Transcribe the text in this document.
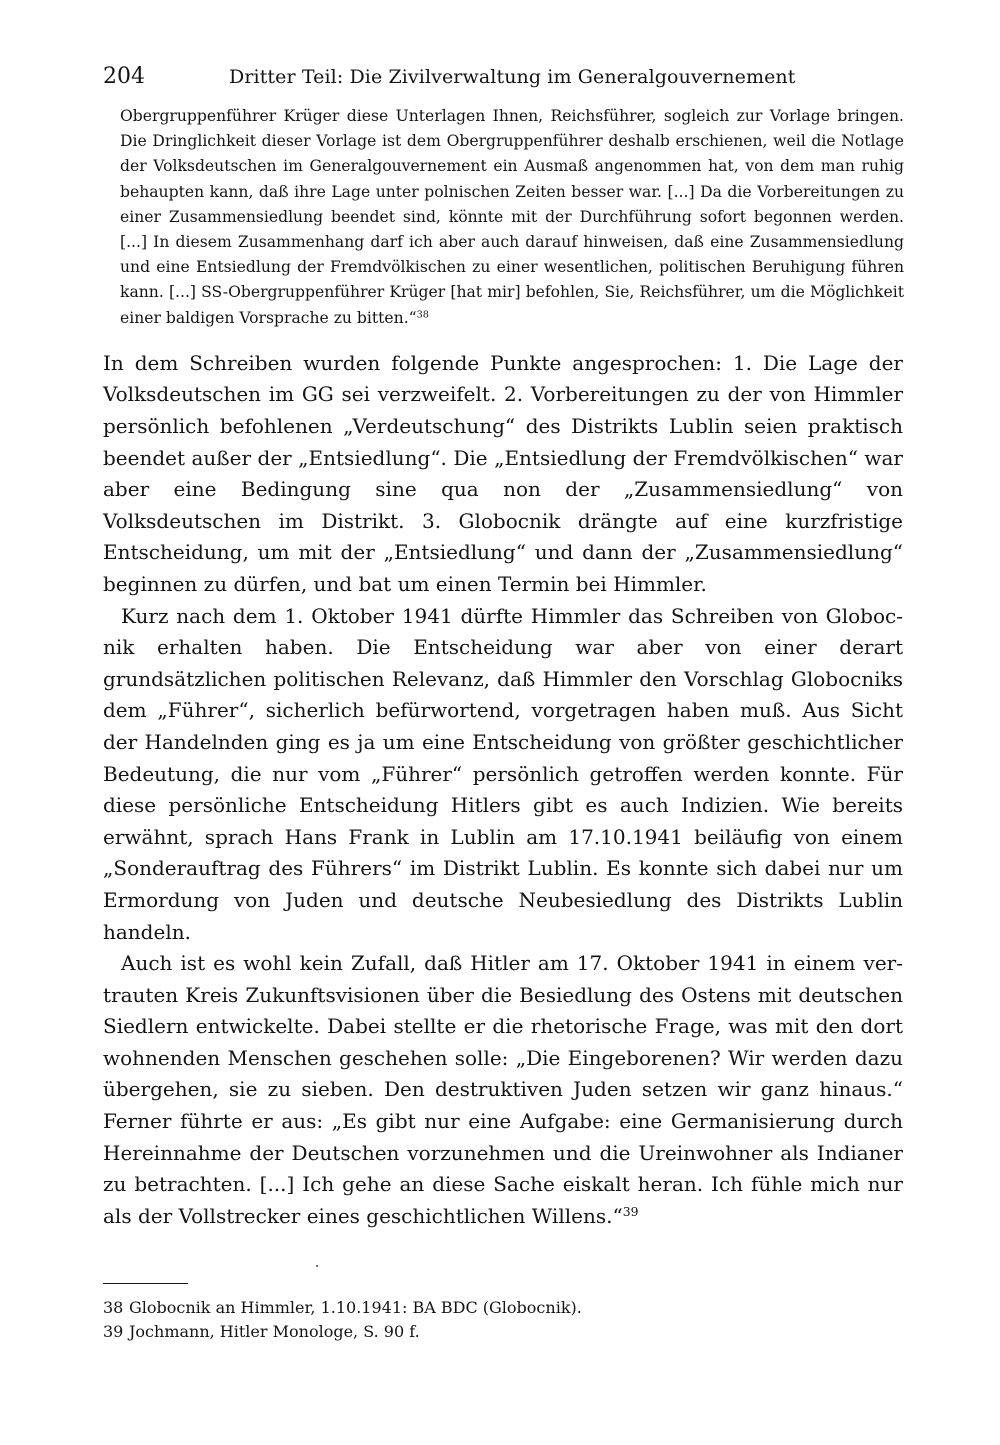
204	Dritter Teil: Die Zivilverwaltung im Generalgouvernement

Obergruppenführer Krüger diese Unterlagen Ihnen, Reichsführer, sogleich zur Vorlage bringen. Die Dringlichkeit dieser Vorlage ist dem Obergruppenführer deshalb erschienen, weil die Notlage der Volksdeutschen im Generalgouvernement ein Ausmaß angenommen hat, von dem man ruhig behaupten kann, daß ihre Lage unter polnischen Zeiten besser war. [...] Da die Vorbereitungen zu einer Zusammensiedlung beendet sind, könnte mit der Durchführung sofort begonnen werden. [...] In diesem Zusammenhang darf ich aber auch darauf hinweisen, daß eine Zusammensiedlung und eine Entsiedlung der Fremdvölkischen zu einer wesentlichen, politischen Beruhigung führen kann. [...] SS-Obergruppenführer Krüger [hat mir] befohlen, Sie, Reichsführer, um die Möglichkeit einer baldigen Vorsprache zu bitten.“$^{38}$

In dem Schreiben wurden folgende Punkte angesprochen: 1. Die Lage der Volksdeutschen im GG sei verzweifelt. 2. Vorbereitungen zu der von Himmler persönlich befohlenen „Verdeutschung“ des Distrikts Lublin seien praktisch beendet außer der „Entsiedlung“. Die „Entsiedlung der Fremdvölkischen“ war aber eine Bedingung sine qua non der „Zusammensiedlung“ von Volksdeutschen im Distrikt. 3. Globocnik drängte auf eine kurzfristige Entscheidung, um mit der „Entsiedlung“ und dann der „Zusammensiedlung“ beginnen zu dürfen, und bat um einen Termin bei Himmler.

Kurz nach dem 1. Oktober 1941 dürfte Himmler das Schreiben von Globocnik erhalten haben. Die Entscheidung war aber von einer derart grundsätzlichen politischen Relevanz, daß Himmler den Vorschlag Globocniks dem „Führer“, sicherlich befürwortend, vorgetragen haben muß. Aus Sicht der Handelnden ging es ja um eine Entscheidung von größter geschichtlicher Bedeutung, die nur vom „Führer“ persönlich getroffen werden konnte. Für diese persönliche Entscheidung Hitlers gibt es auch Indizien. Wie bereits erwähnt, sprach Hans Frank in Lublin am 17.10.1941 beiläufig von einem „Sonderauftrag des Führers“ im Distrikt Lublin. Es konnte sich dabei nur um Ermordung von Juden und deutsche Neubesiedlung des Distrikts Lublin handeln.

Auch ist es wohl kein Zufall, daß Hitler am 17. Oktober 1941 in einem vertrauten Kreis Zukunftsvisionen über die Besiedlung des Ostens mit deutschen Siedlern entwickelte. Dabei stellte er die rhetorische Frage, was mit den dort wohnenden Menschen geschehen solle: „Die Eingeborenen? Wir werden dazu übergehen, sie zu sieben. Den destruktiven Juden setzen wir ganz hinaus.“ Ferner führte er aus: „Es gibt nur eine Aufgabe: eine Germanisierung durch Hereinnahme der Deutschen vorzunehmen und die Ureinwohner als Indianer zu betrachten. [...] Ich gehe an diese Sache eiskalt heran. Ich fühle mich nur als der Vollstrecker eines geschichtlichen Willens.“$^{39}$

38 Globocnik an Himmler, 1.10.1941: BA BDC (Globocnik).
39 Jochmann, Hitler Monologe, S. 90 f.
